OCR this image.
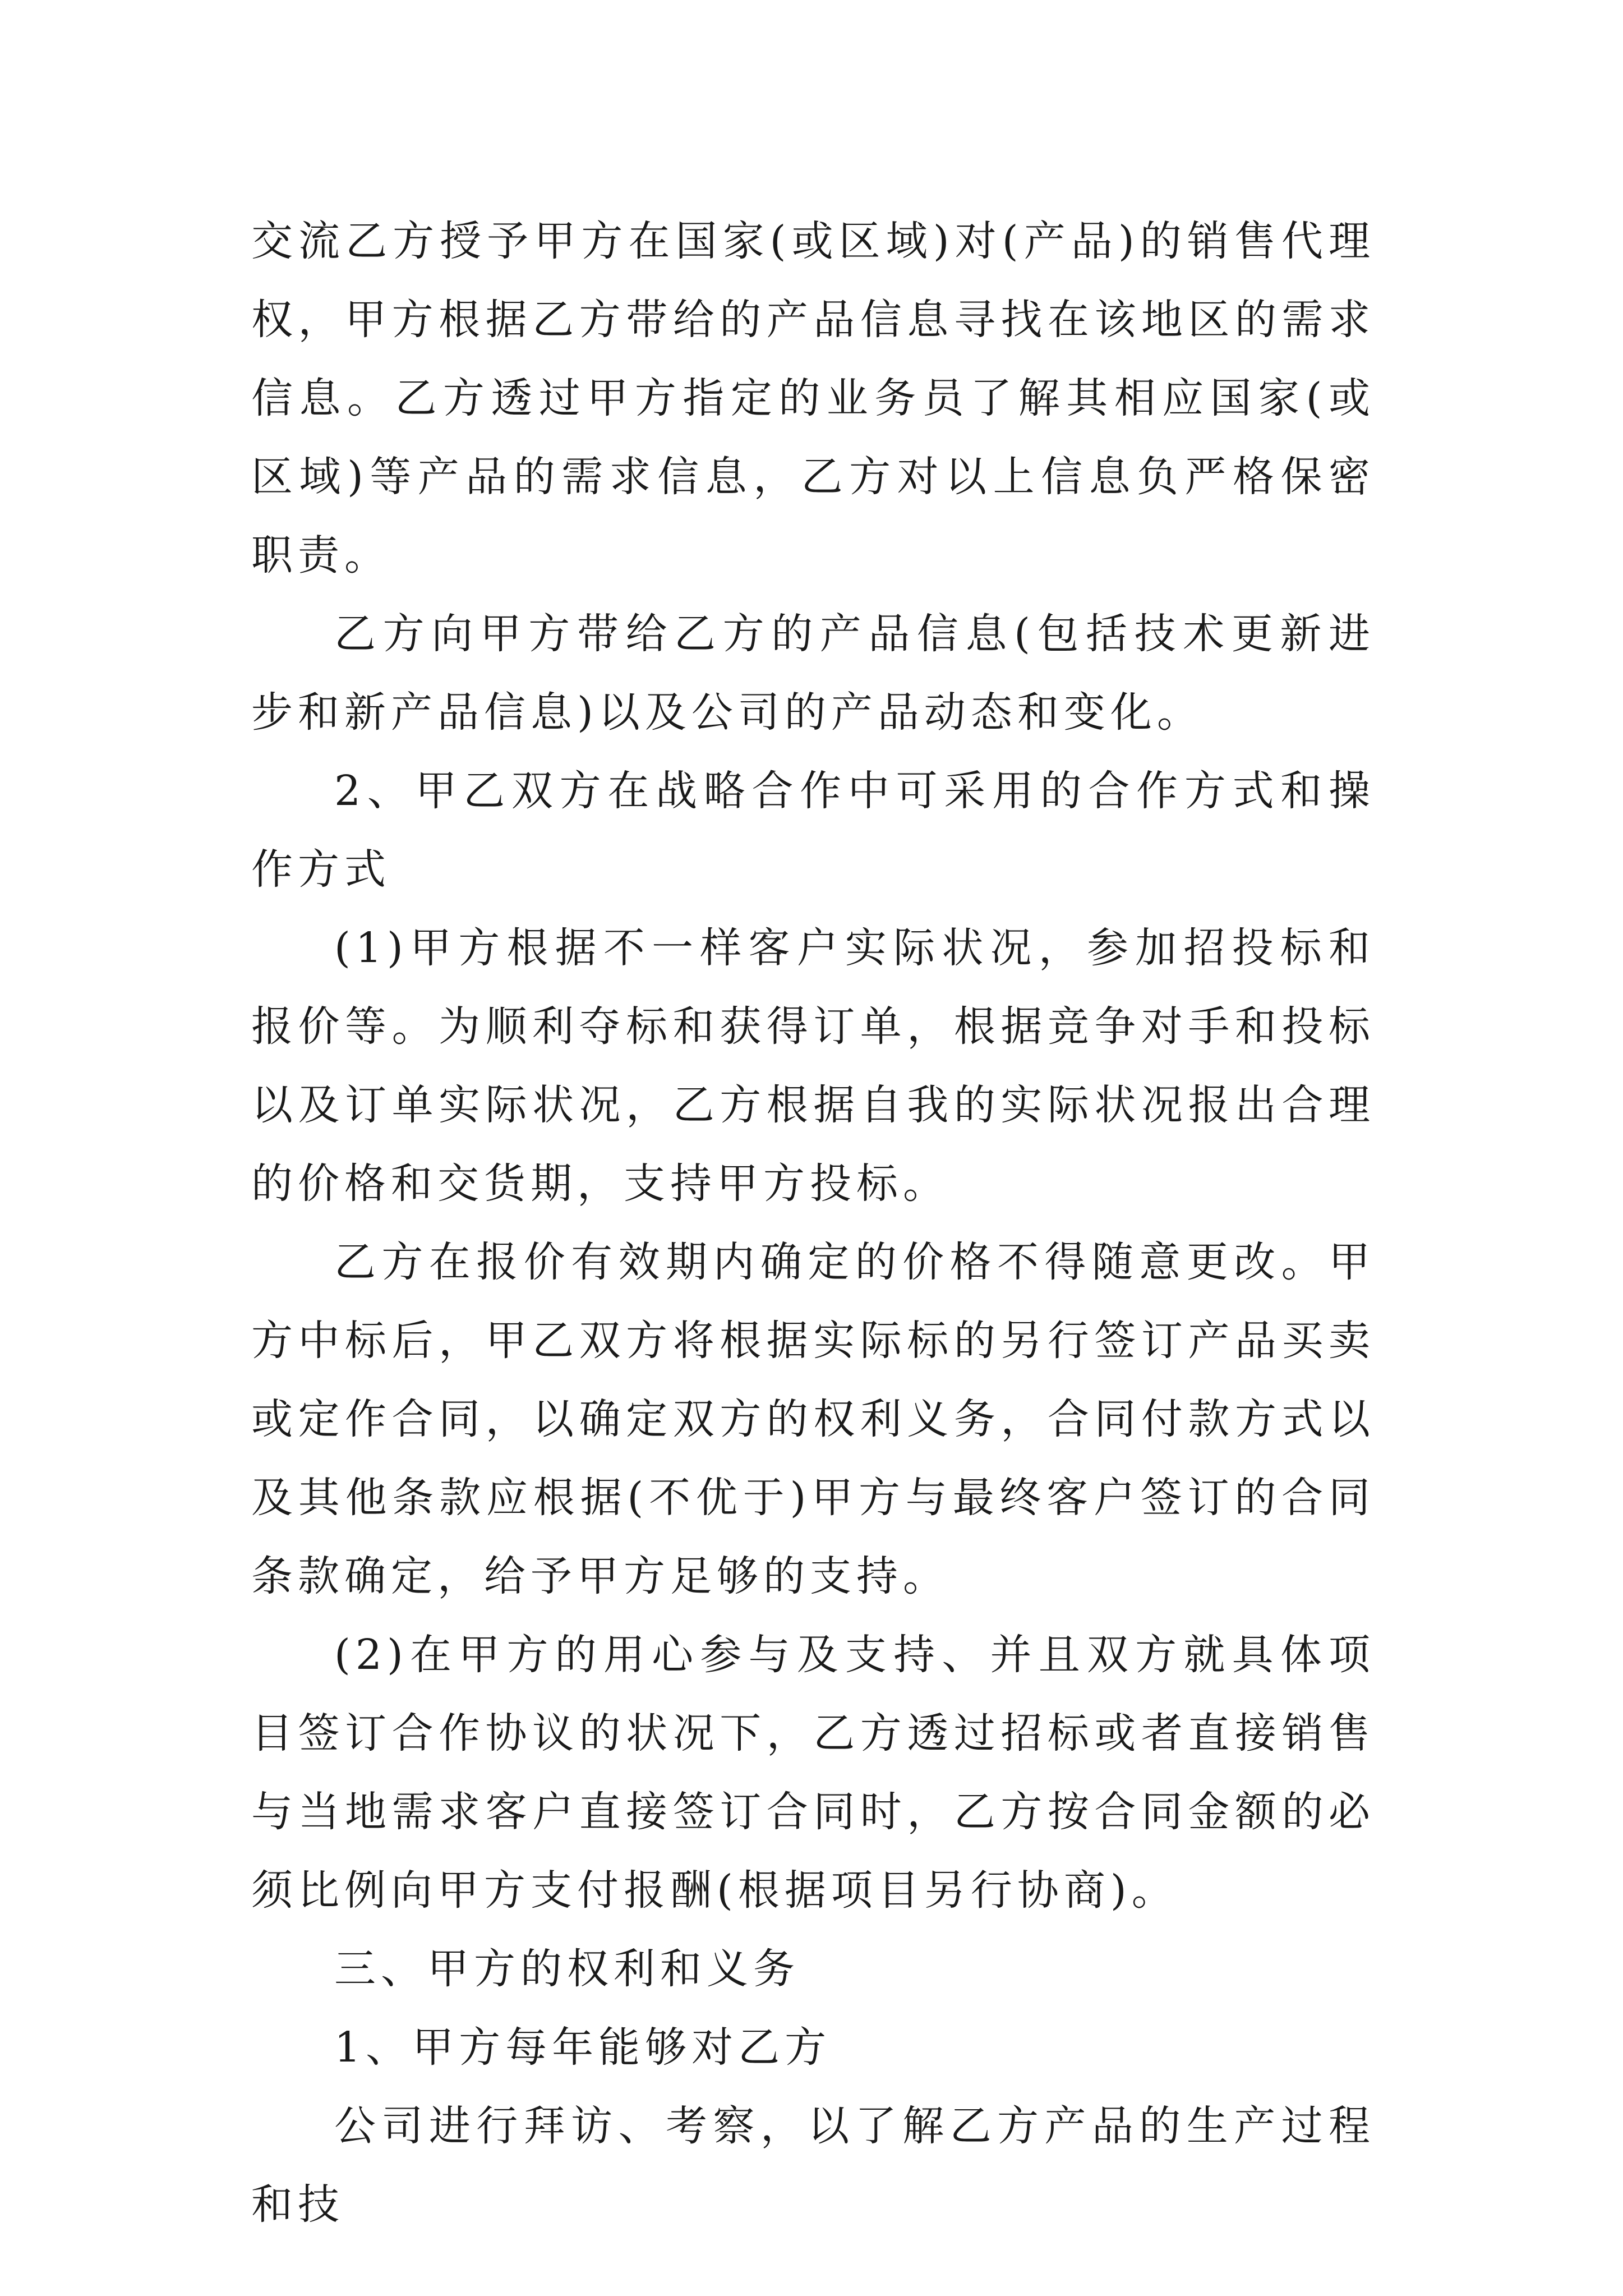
交流乙方授予甲方在国家(或区域)对(产品)的销售代理权，甲方根据乙方带给的产品信息寻找在该地区的需求信息。乙方透过甲方指定的业务员了解其相应国家(或区域)等产品的需求信息，乙方对以上信息负严格保密职责。

乙方向甲方带给乙方的产品信息(包括技术更新进步和新产品信息)以及公司的产品动态和变化。

2、甲乙双方在战略合作中可采用的合作方式和操作方式

(1)甲方根据不一样客户实际状况，参加招投标和报价等。为顺利夺标和获得订单，根据竞争对手和投标以及订单实际状况，乙方根据自我的实际状况报出合理的价格和交货期，支持甲方投标。

乙方在报价有效期内确定的价格不得随意更改。甲方中标后，甲乙双方将根据实际标的另行签订产品买卖或定作合同，以确定双方的权利义务，合同付款方式以及其他条款应根据(不优于)甲方与最终客户签订的合同条款确定，给予甲方足够的支持。

(2)在甲方的用心参与及支持、并且双方就具体项目签订合作协议的状况下，乙方透过招标或者直接销售与当地需求客户直接签订合同时，乙方按合同金额的必须比例向甲方支付报酬(根据项目另行协商)。

三、甲方的权利和义务

1、甲方每年能够对乙方

公司进行拜访、考察，以了解乙方产品的生产过程和技
